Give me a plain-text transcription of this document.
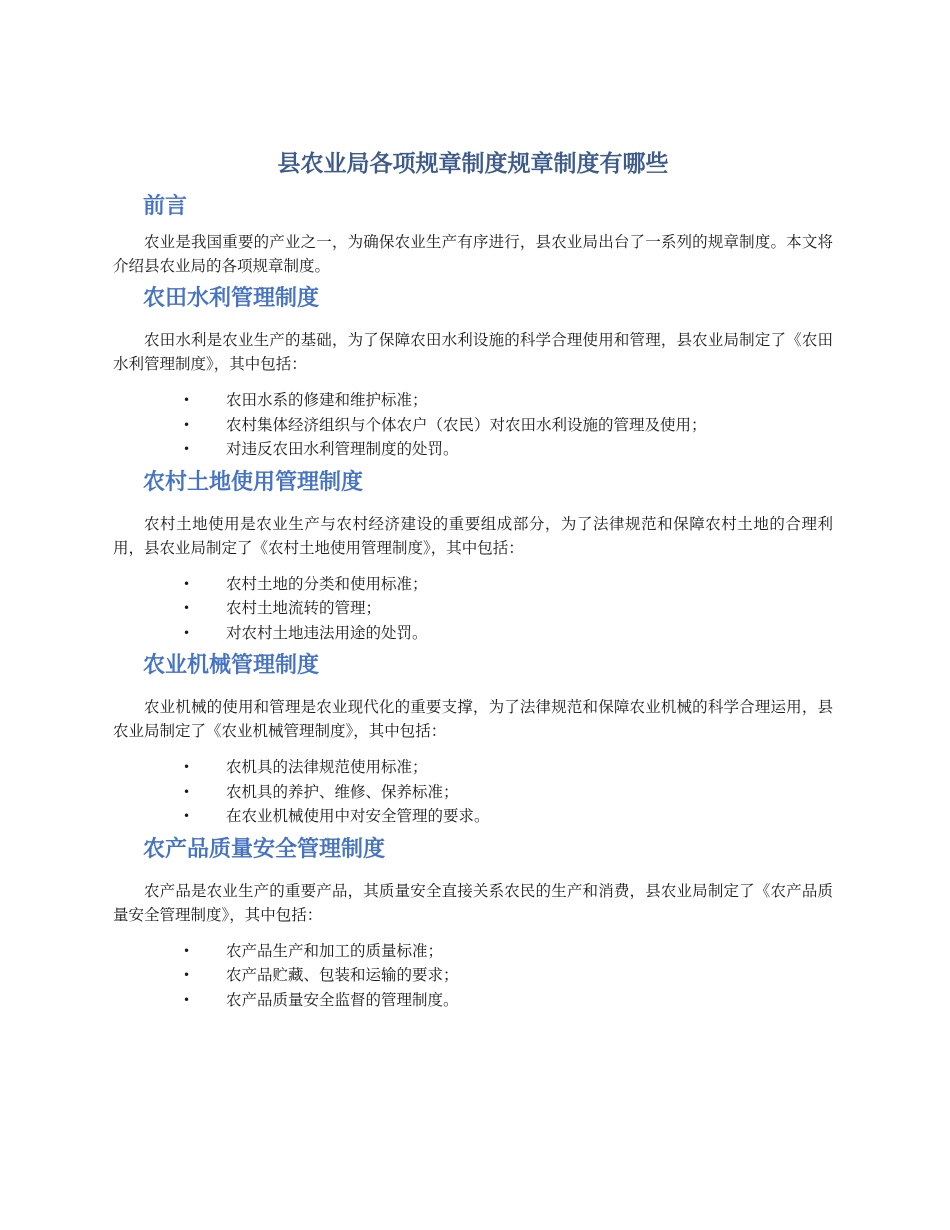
县农业局各项规章制度规章制度有哪些
前言

农业是我国重要的产业之一，为确保农业生产有序进行，县农业局出台了一系列的规章制度。本文将介绍县农业局的各项规章制度。

农田水利管理制度

农田水利是农业生产的基础，为了保障农田水利设施的科学合理使用和管理，县农业局制定了《农田水利管理制度》，其中包括：

• 农田水系的修建和维护标准；
• 农村集体经济组织与个体农户（农民）对农田水利设施的管理及使用；
• 对违反农田水利管理制度的处罚。
农村土地使用管理制度

农村土地使用是农业生产与农村经济建设的重要组成部分，为了法律规范和保障农村土地的合理利用，县农业局制定了《农村土地使用管理制度》，其中包括：

• 农村土地的分类和使用标准；
• 农村土地流转的管理；
• 对农村土地违法用途的处罚。
农业机械管理制度

农业机械的使用和管理是农业现代化的重要支撑，为了法律规范和保障农业机械的科学合理运用，县农业局制定了《农业机械管理制度》，其中包括：

• 农机具的法律规范使用标准；
• 农机具的养护、维修、保养标准；
• 在农业机械使用中对安全管理的要求。
农产品质量安全管理制度

农产品是农业生产的重要产品，其质量安全直接关系农民的生产和消费，县农业局制定了《农产品质量安全管理制度》，其中包括：

• 农产品生产和加工的质量标准；
• 农产品贮藏、包装和运输的要求；
• 农产品质量安全监督的管理制度。
